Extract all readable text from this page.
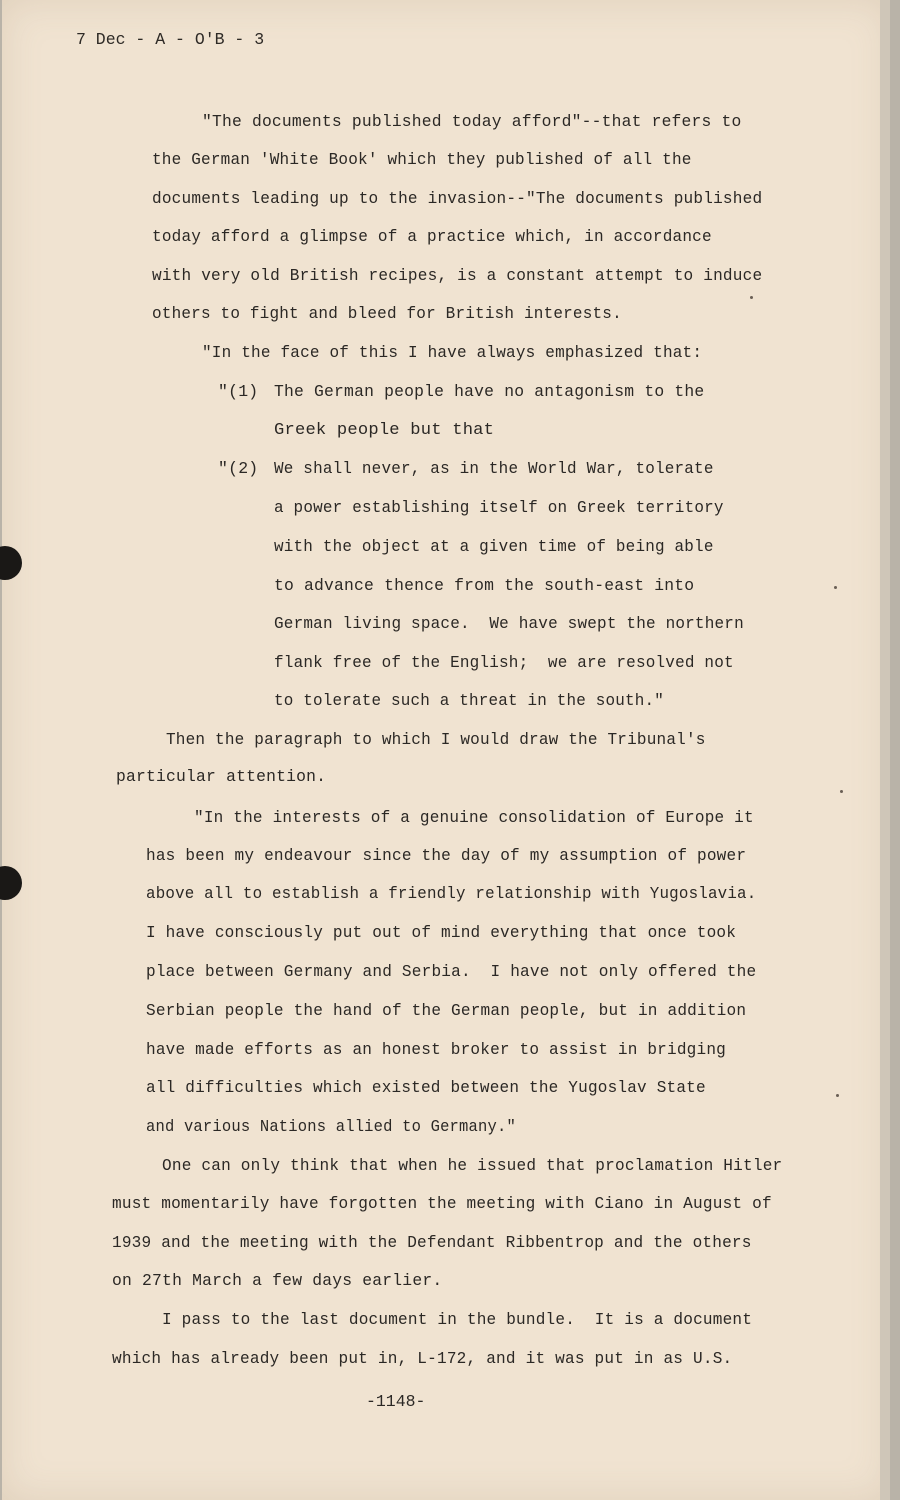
7 Dec - A - O'B - 3
"The documents published today afford"--that refers to
the German 'White Book' which they published of all the
documents leading up to the invasion--"The documents published
today afford a glimpse of a practice which, in accordance
with very old British recipes, is a constant attempt to induce
others to fight and bleed for British interests.
"In the face of this I have always emphasized that:
"(1) The German people have no antagonism to the
Greek people but that
"(2) We shall never, as in the World War, tolerate
a power establishing itself on Greek territory
with the object at a given time of being able
to advance thence from the south-east into
German living space.  We have swept the northern
flank free of the English;  we are resolved not
to tolerate such a threat in the south."
Then the paragraph to which I would draw the Tribunal's
particular attention.
"In the interests of a genuine consolidation of Europe it
has been my endeavour since the day of my assumption of power
above all to establish a friendly relationship with Yugoslavia.
I have consciously put out of mind everything that once took
place between Germany and Serbia.  I have not only offered the
Serbian people the hand of the German people, but in addition
have made efforts as an honest broker to assist in bridging
all difficulties which existed between the Yugoslav State
and various Nations allied to Germany."
One can only think that when he issued that proclamation Hitler
must momentarily have forgotten the meeting with Ciano in August of
1939 and the meeting with the Defendant Ribbentrop and the others
on 27th March a few days earlier.
I pass to the last document in the bundle.  It is a document
which has already been put in, L-172, and it was put in as U.S.
-1148-
